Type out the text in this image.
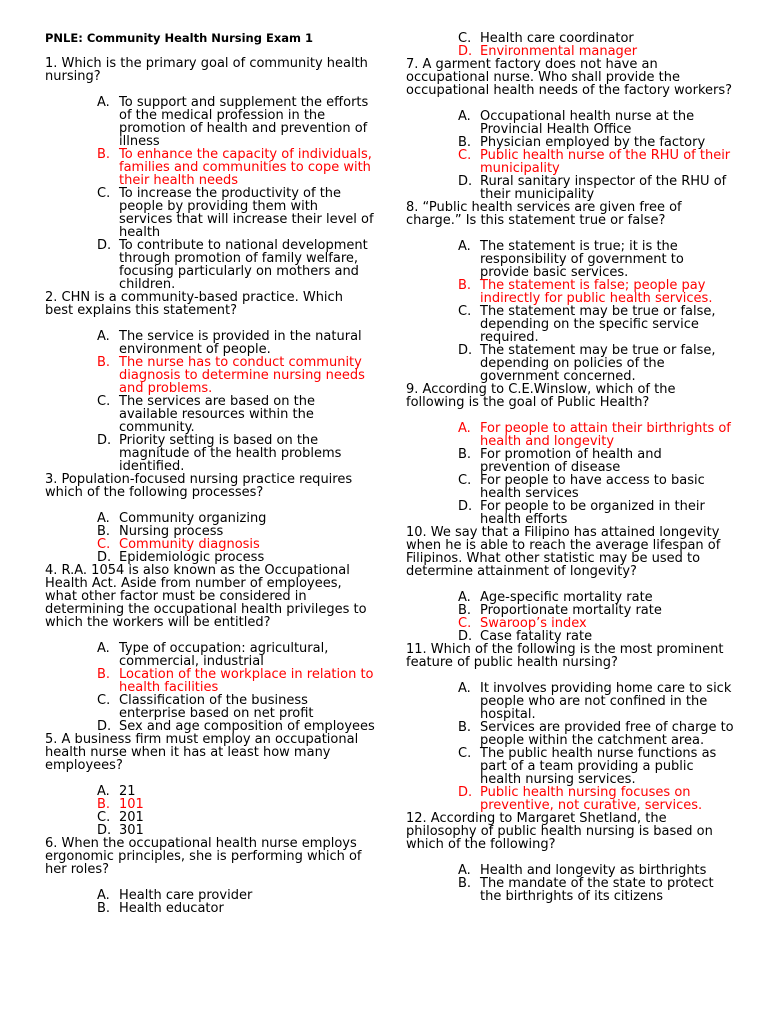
PNLE: Community Health Nursing Exam 1
1. Which is the primary goal of community health nursing?
A. To support and supplement the efforts of the medical profession in the promotion of health and prevention of illness
B. To enhance the capacity of individuals, families and communities to cope with their health needs
C. To increase the productivity of the people by providing them with services that will increase their level of health
D. To contribute to national development through promotion of family welfare, focusing particularly on mothers and children.
2. CHN is a community-based practice. Which best explains this statement?
A. The service is provided in the natural environment of people.
B. The nurse has to conduct community diagnosis to determine nursing needs and problems.
C. The services are based on the available resources within the community.
D. Priority setting is based on the magnitude of the health problems identified.
3. Population-focused nursing practice requires which of the following processes?
A. Community organizing
B. Nursing process
C. Community diagnosis
D. Epidemiologic process
4. R.A. 1054 is also known as the Occupational Health Act. Aside from number of employees, what other factor must be considered in determining the occupational health privileges to which the workers will be entitled?
A. Type of occupation: agricultural, commercial, industrial
B. Location of the workplace in relation to health facilities
C. Classification of the business enterprise based on net profit
D. Sex and age composition of employees
5. A business firm must employ an occupational health nurse when it has at least how many employees?
A. 21
B. 101
C. 201
D. 301
6. When the occupational health nurse employs ergonomic principles, she is performing which of her roles?
A. Health care provider
B. Health educator
C. Health care coordinator
D. Environmental manager
7. A garment factory does not have an occupational nurse. Who shall provide the occupational health needs of the factory workers?
A. Occupational health nurse at the Provincial Health Office
B. Physician employed by the factory
C. Public health nurse of the RHU of their municipality
D. Rural sanitary inspector of the RHU of their municipality
8. “Public health services are given free of charge.” Is this statement true or false?
A. The statement is true; it is the responsibility of government to provide basic services.
B. The statement is false; people pay indirectly for public health services.
C. The statement may be true or false, depending on the specific service required.
D. The statement may be true or false, depending on policies of the government concerned.
9. According to C.E.Winslow, which of the following is the goal of Public Health?
A. For people to attain their birthrights of health and longevity
B. For promotion of health and prevention of disease
C. For people to have access to basic health services
D. For people to be organized in their health efforts
10. We say that a Filipino has attained longevity when he is able to reach the average lifespan of Filipinos. What other statistic may be used to determine attainment of longevity?
A. Age-specific mortality rate
B. Proportionate mortality rate
C. Swaroop’s index
D. Case fatality rate
11. Which of the following is the most prominent feature of public health nursing?
A. It involves providing home care to sick people who are not confined in the hospital.
B. Services are provided free of charge to people within the catchment area.
C. The public health nurse functions as part of a team providing a public health nursing services.
D. Public health nursing focuses on preventive, not curative, services.
12. According to Margaret Shetland, the philosophy of public health nursing is based on which of the following?
A. Health and longevity as birthrights
B. The mandate of the state to protect the birthrights of its citizens
